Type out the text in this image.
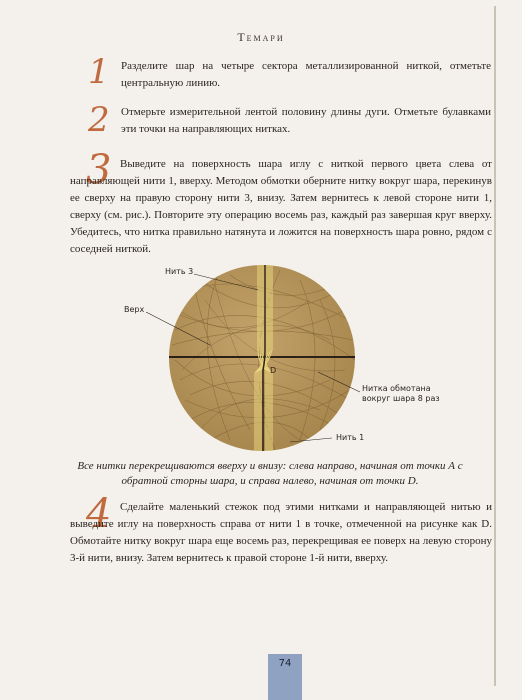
Темари
1 Разделите шар на четыре сектора металлизированной ниткой, отметьте центральную линию.
2 Отмерьте измерительной лентой половину длины дуги. Отметьте булавками эти точки на направляющих нитках.
3 Выведите на поверхность шара иглу с ниткой первого цвета слева от направляющей нити 1, вверху. Методом обмотки оберните нитку вокруг шара, перекинув ее сверху на правую сторону нити 3, внизу. Затем вернитесь к левой стороне нити 1, сверху (см. рис.). Повторите эту операцию восемь раз, каждый раз завершая круг вверху. Убедитесь, что нитка правильно натянута и ложится на поверхность шара ровно, рядом с соседней ниткой.
Нить 3
Верх
D
Нитка обмотана вокруг шара 8 раз
Нить 1
Все нитки перекрещиваются вверху и внизу: слева направо, начиная от точки А с обратной сторны шара, и справа налево, начиная от точки D.
4 Сделайте маленький стежок под этими нитками и направляющей нитью и выведите иглу на поверхность справа от нити 1 в точке, отмеченной на рисунке как D. Обмотайте нитку вокруг шара еще восемь раз, перекрещивая ее поверх на левую сторону 3-й нити, внизу. Затем вернитесь к правой стороне 1-й нити, вверху.
74
